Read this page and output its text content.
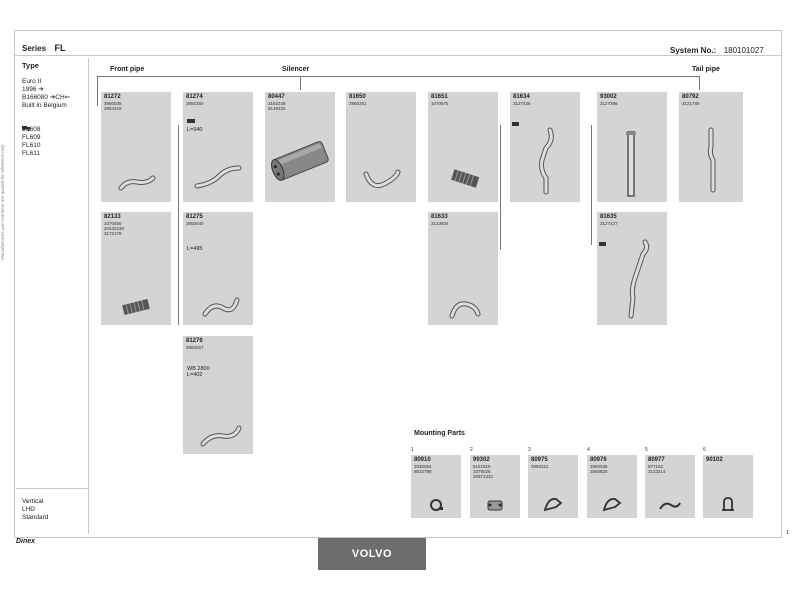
Manufacturers part numbers are quoted for reference only
Series FL	System No.: 180101027
Type
Euro II
1996 ➔
B166080 ➔CH⇐
Built in Belgium
FL608
FL609
FL610
FL611
Vertical
LHD
Standard
Front pipe	Silencer	Tail pipe
81272
3950038
3954418
81274
3950360
L=940
80447
3162349
8149232
81650
3950251
81651
1070675
81634
3127436
93002
3127398
80792
3121785
82133
1070460
20442230
3172178
81275
3950040
L=495
81633
3123934
81635
3127437
81276
3950257
WB 2800
L=402
Mounting Parts
1
80910
3030054
8522788
2
99302
8151816
1079026
20871332
3
80975
3950321
4
80976
3950036
3950825
5
80977
977192
3123214
6
90102
Dinex
1
VOLVO
